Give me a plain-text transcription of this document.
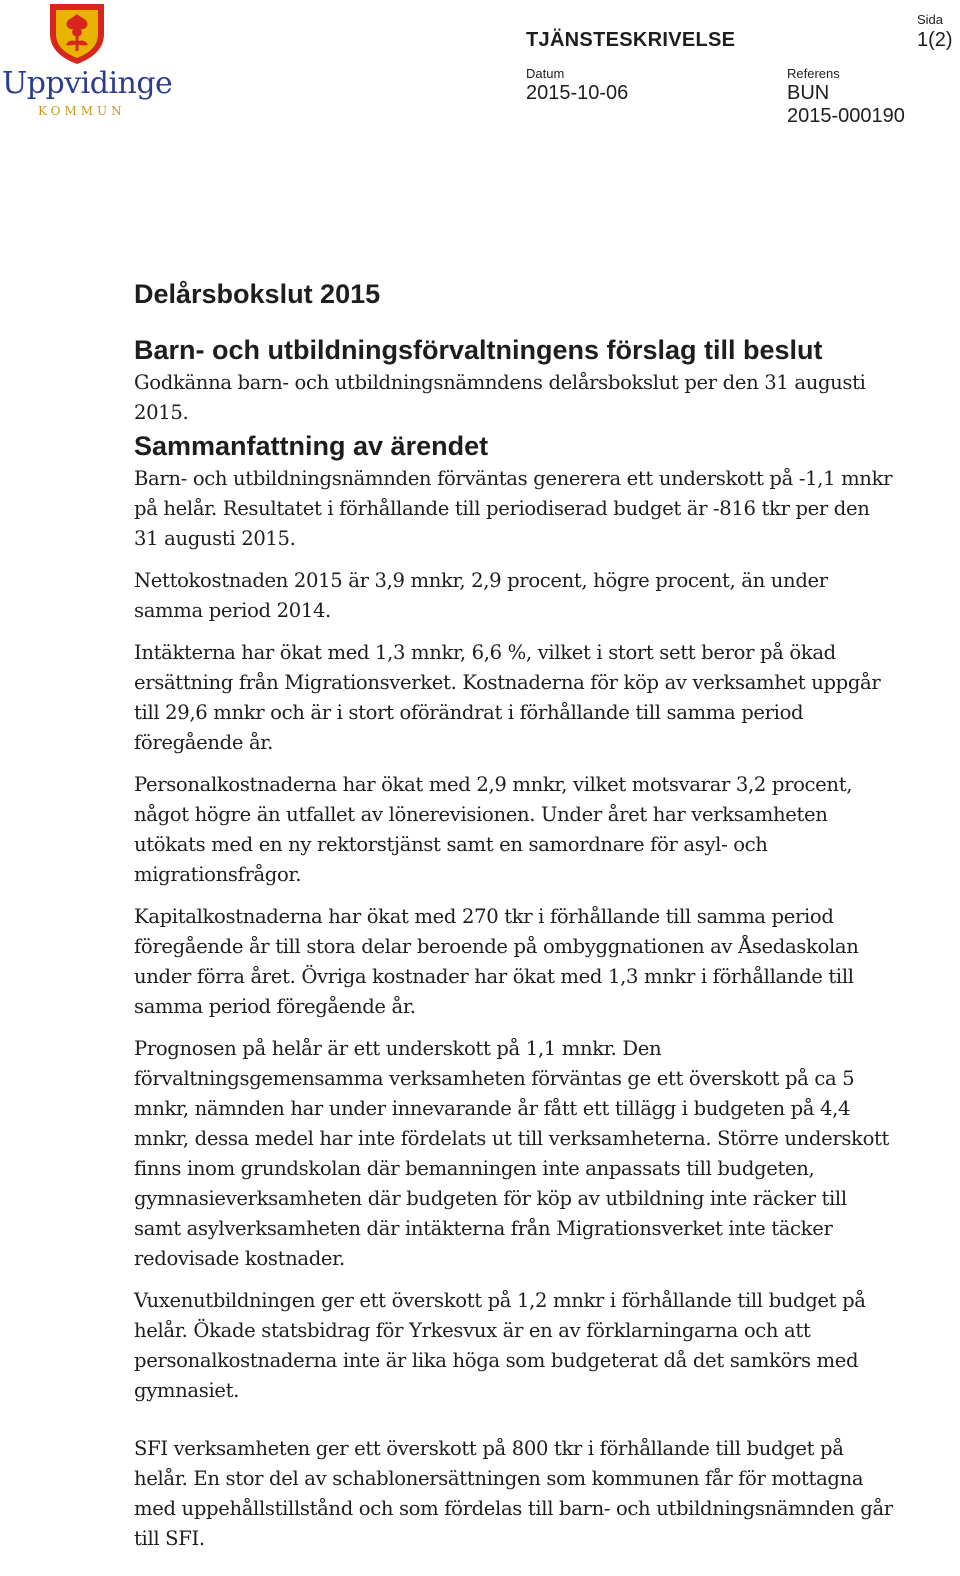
Uppvidinge
KOMMUN
TJÄNSTESKRIVELSE
Sida
1(2)
Datum
2015-10-06
Referens
BUN
2015-000190
Delårsbokslut 2015
Barn- och utbildningsförvaltningens förslag till beslut

Godkänna barn- och utbildningsnämndens delårsbokslut per den 31 augusti 2015.

Sammanfattning av ärendet

Barn- och utbildningsnämnden förväntas generera ett underskott på -1,1 mnkr på helår. Resultatet i förhållande till periodiserad budget är -816 tkr per den 31 augusti 2015.

Nettokostnaden 2015 är 3,9 mnkr, 2,9 procent, högre procent, än under samma period 2014.

Intäkterna har ökat med 1,3 mnkr, 6,6 %, vilket i stort sett beror på ökad ersättning från Migrationsverket. Kostnaderna för köp av verksamhet uppgår till 29,6 mnkr och är i stort oförändrat i förhållande till samma period föregående år.

Personalkostnaderna har ökat med 2,9 mnkr, vilket motsvarar 3,2 procent, något högre än utfallet av lönerevisionen. Under året har verksamheten utökats med en ny rektorstjänst samt en samordnare för asyl- och migrationsfrågor.

Kapitalkostnaderna har ökat med 270 tkr i förhållande till samma period föregående år till stora delar beroende på ombyggnationen av Åsedaskolan under förra året. Övriga kostnader har ökat med 1,3 mnkr i förhållande till samma period föregående år.

Prognosen på helår är ett underskott på 1,1 mnkr. Den förvaltningsgemensamma verksamheten förväntas ge ett överskott på ca 5 mnkr, nämnden har under innevarande år fått ett tillägg i budgeten på 4,4 mnkr, dessa medel har inte fördelats ut till verksamheterna. Större underskott finns inom grundskolan där bemanningen inte anpassats till budgeten, gymnasieverksamheten där budgeten för köp av utbildning inte räcker till samt asylverksamheten där intäkterna från Migrationsverket inte täcker redovisade kostnader.

Vuxenutbildningen ger ett överskott på 1,2 mnkr i förhållande till budget på helår. Ökade statsbidrag för Yrkesvux är en av förklarningarna och att personalkostnaderna inte är lika höga som budgeterat då det samkörs med gymnasiet.

SFI verksamheten ger ett överskott på 800 tkr i förhållande till budget på helår. En stor del av schablonersättningen som kommunen får för mottagna med uppehållstillstånd och som fördelas till barn- och utbildningsnämnden går till SFI.
